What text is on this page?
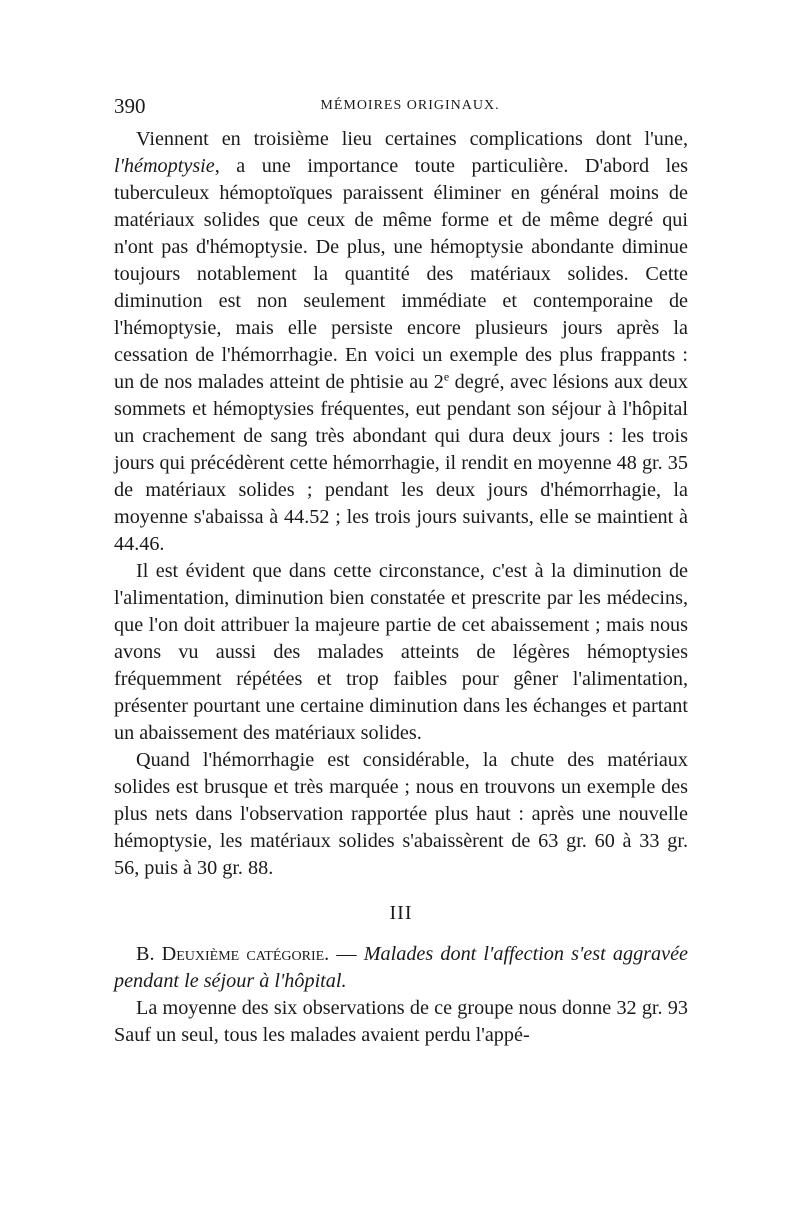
390	MÉMOIRES ORIGINAUX.

Viennent en troisième lieu certaines complications dont l'une, l'hémoptysie, a une importance toute particulière. D'abord les tuberculeux hémoptoïques paraissent éliminer en général moins de matériaux solides que ceux de même forme et de même degré qui n'ont pas d'hémoptysie. De plus, une hémoptysie abondante diminue toujours notablement la quantité des matériaux solides. Cette diminution est non seulement immédiate et contemporaine de l'hémoptysie, mais elle persiste encore plusieurs jours après la cessation de l'hémorrhagie. En voici un exemple des plus frappants : un de nos malades atteint de phtisie au 2e degré, avec lésions aux deux sommets et hémoptysies fréquentes, eut pendant son séjour à l'hôpital un crachement de sang très abondant qui dura deux jours : les trois jours qui précédèrent cette hémorrhagie, il rendit en moyenne 48 gr. 35 de matériaux solides ; pendant les deux jours d'hémorrhagie, la moyenne s'abaissa à 44.52 ; les trois jours suivants, elle se maintient à 44.46.

Il est évident que dans cette circonstance, c'est à la diminution de l'alimentation, diminution bien constatée et prescrite par les médecins, que l'on doit attribuer la majeure partie de cet abaissement ; mais nous avons vu aussi des malades atteints de légères hémoptysies fréquemment répétées et trop faibles pour gêner l'alimentation, présenter pourtant une certaine diminution dans les échanges et partant un abaissement des matériaux solides.

Quand l'hémorrhagie est considérable, la chute des matériaux solides est brusque et très marquée ; nous en trouvons un exemple des plus nets dans l'observation rapportée plus haut : après une nouvelle hémoptysie, les matériaux solides s'abaissèrent de 63 gr. 60 à 33 gr. 56, puis à 30 gr. 88.

III

B. Deuxième catégorie. — Malades dont l'affection s'est aggravée pendant le séjour à l'hôpital.

La moyenne des six observations de ce groupe nous donne 32 gr. 93 Sauf un seul, tous les malades avaient perdu l'appé-
